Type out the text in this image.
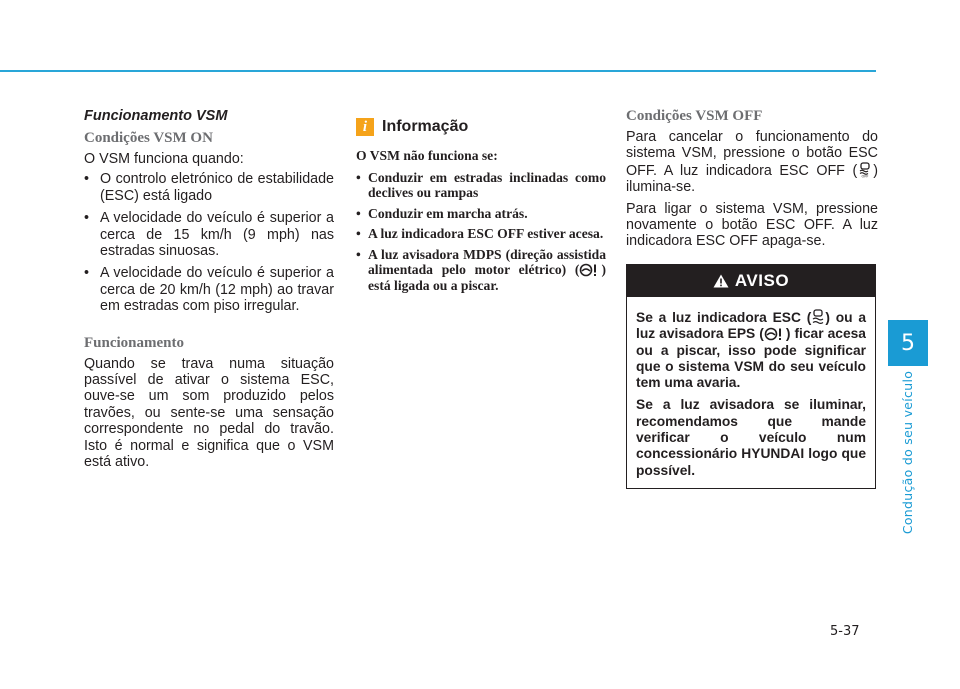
Funcionamento VSM

Condições VSM ON

O VSM funciona quando:

• O controlo eletrónico de estabilidade (ESC) está ligado
• A velocidade do veículo é superior a cerca de 15 km/h (9 mph) nas estradas sinuosas.
• A velocidade do veículo é superior a cerca de 20 km/h (12 mph) ao travar em estradas com piso irregular.

Funcionamento

Quando se trava numa situação passível de ativar o sistema ESC, ouve-se um som produzido pelos travões, ou sente-se uma sensação correspondente no pedal do travão. Isto é normal e significa que o VSM está ativo.

i Informação

O VSM não funciona se:

• Conduzir em estradas inclinadas como declives ou rampas
• Conduzir em marcha atrás.
• A luz indicadora ESC OFF estiver acesa.
• A luz avisadora MDPS (direção assistida alimentada pelo motor elétrico) ( ) está ligada ou a piscar.

Condições VSM OFF

Para cancelar o funcionamento do sistema VSM, pressione o botão ESC OFF. A luz indicadora ESC OFF ( OFF ) ilumina-se.

Para ligar o sistema VSM, pressione novamente o botão ESC OFF. A luz indicadora ESC OFF apaga-se.

AVISO

Se a luz indicadora ESC ( ) ou a luz avisadora EPS ( ) ficar acesa ou a piscar, isso pode significar que o sistema VSM do seu veículo tem uma avaria.

Se a luz avisadora se iluminar, recomendamos que mande verificar o veículo num concessionário HYUNDAI logo que possível.

5
Condução do seu veículo
5-37
